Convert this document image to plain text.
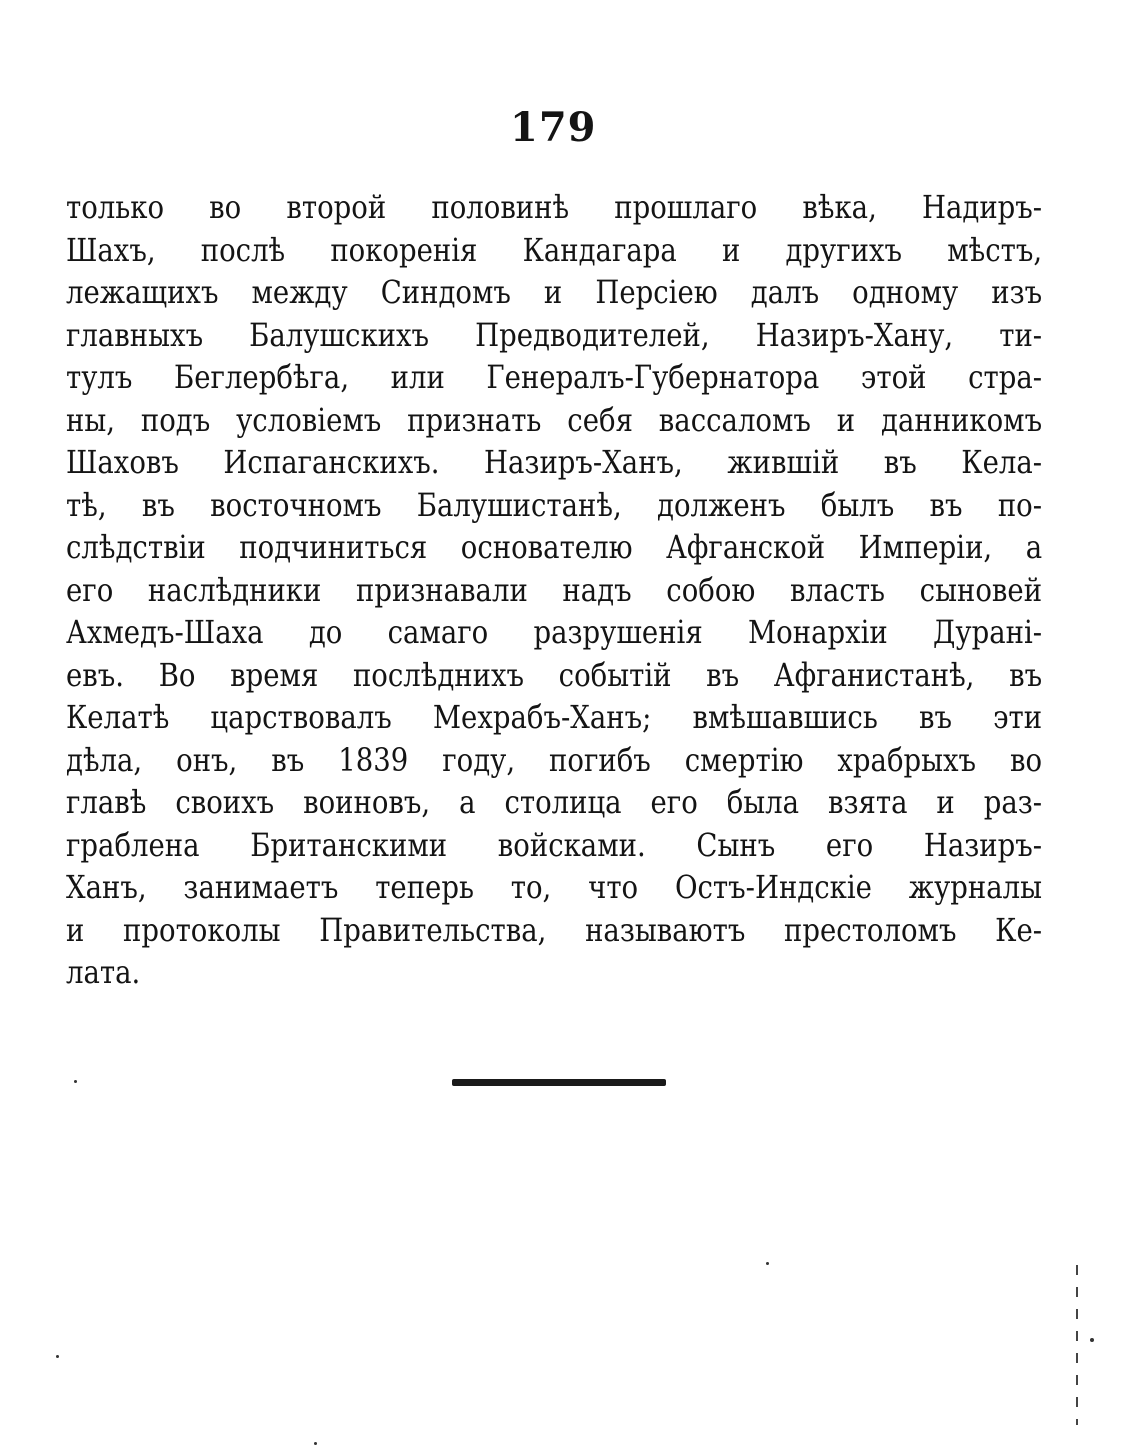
179
только во второй половинѣ прошлаго вѣка, Надиръ-
Шахъ, послѣ покоренія Кандагара и другихъ мѣстъ,
лежащихъ между Синдомъ и Персіею далъ одному изъ
главныхъ Балушскихъ Предводителей, Назиръ-Хану, ти-
тулъ Беглербѣга, или Генералъ-Губернатора этой стра-
ны, подъ условіемъ признать себя вассаломъ и данникомъ
Шаховъ Испаганскихъ. Назиръ-Ханъ, жившій въ Кела-
тѣ, въ восточномъ Балушистанѣ, долженъ былъ въ по-
слѣдствіи подчиниться основателю Афганской Имперіи, а
его наслѣдники признавали надъ собою власть сыновей
Ахмедъ-Шаха до самаго разрушенія Монархіи Дурані-
евъ. Во время послѣднихъ событій въ Афганистанѣ, въ
Келатѣ царствовалъ Мехрабъ-Ханъ; вмѣшавшись въ эти
дѣла, онъ, въ 1839 году, погибъ смертію храбрыхъ во
главѣ своихъ воиновъ, а столица его была взята и раз-
граблена Британскими войсками. Сынъ его Назиръ-
Ханъ, занимаетъ теперь то, что Остъ-Индскіе журналы
и протоколы Правительства, называютъ престоломъ Ке-
лата.
